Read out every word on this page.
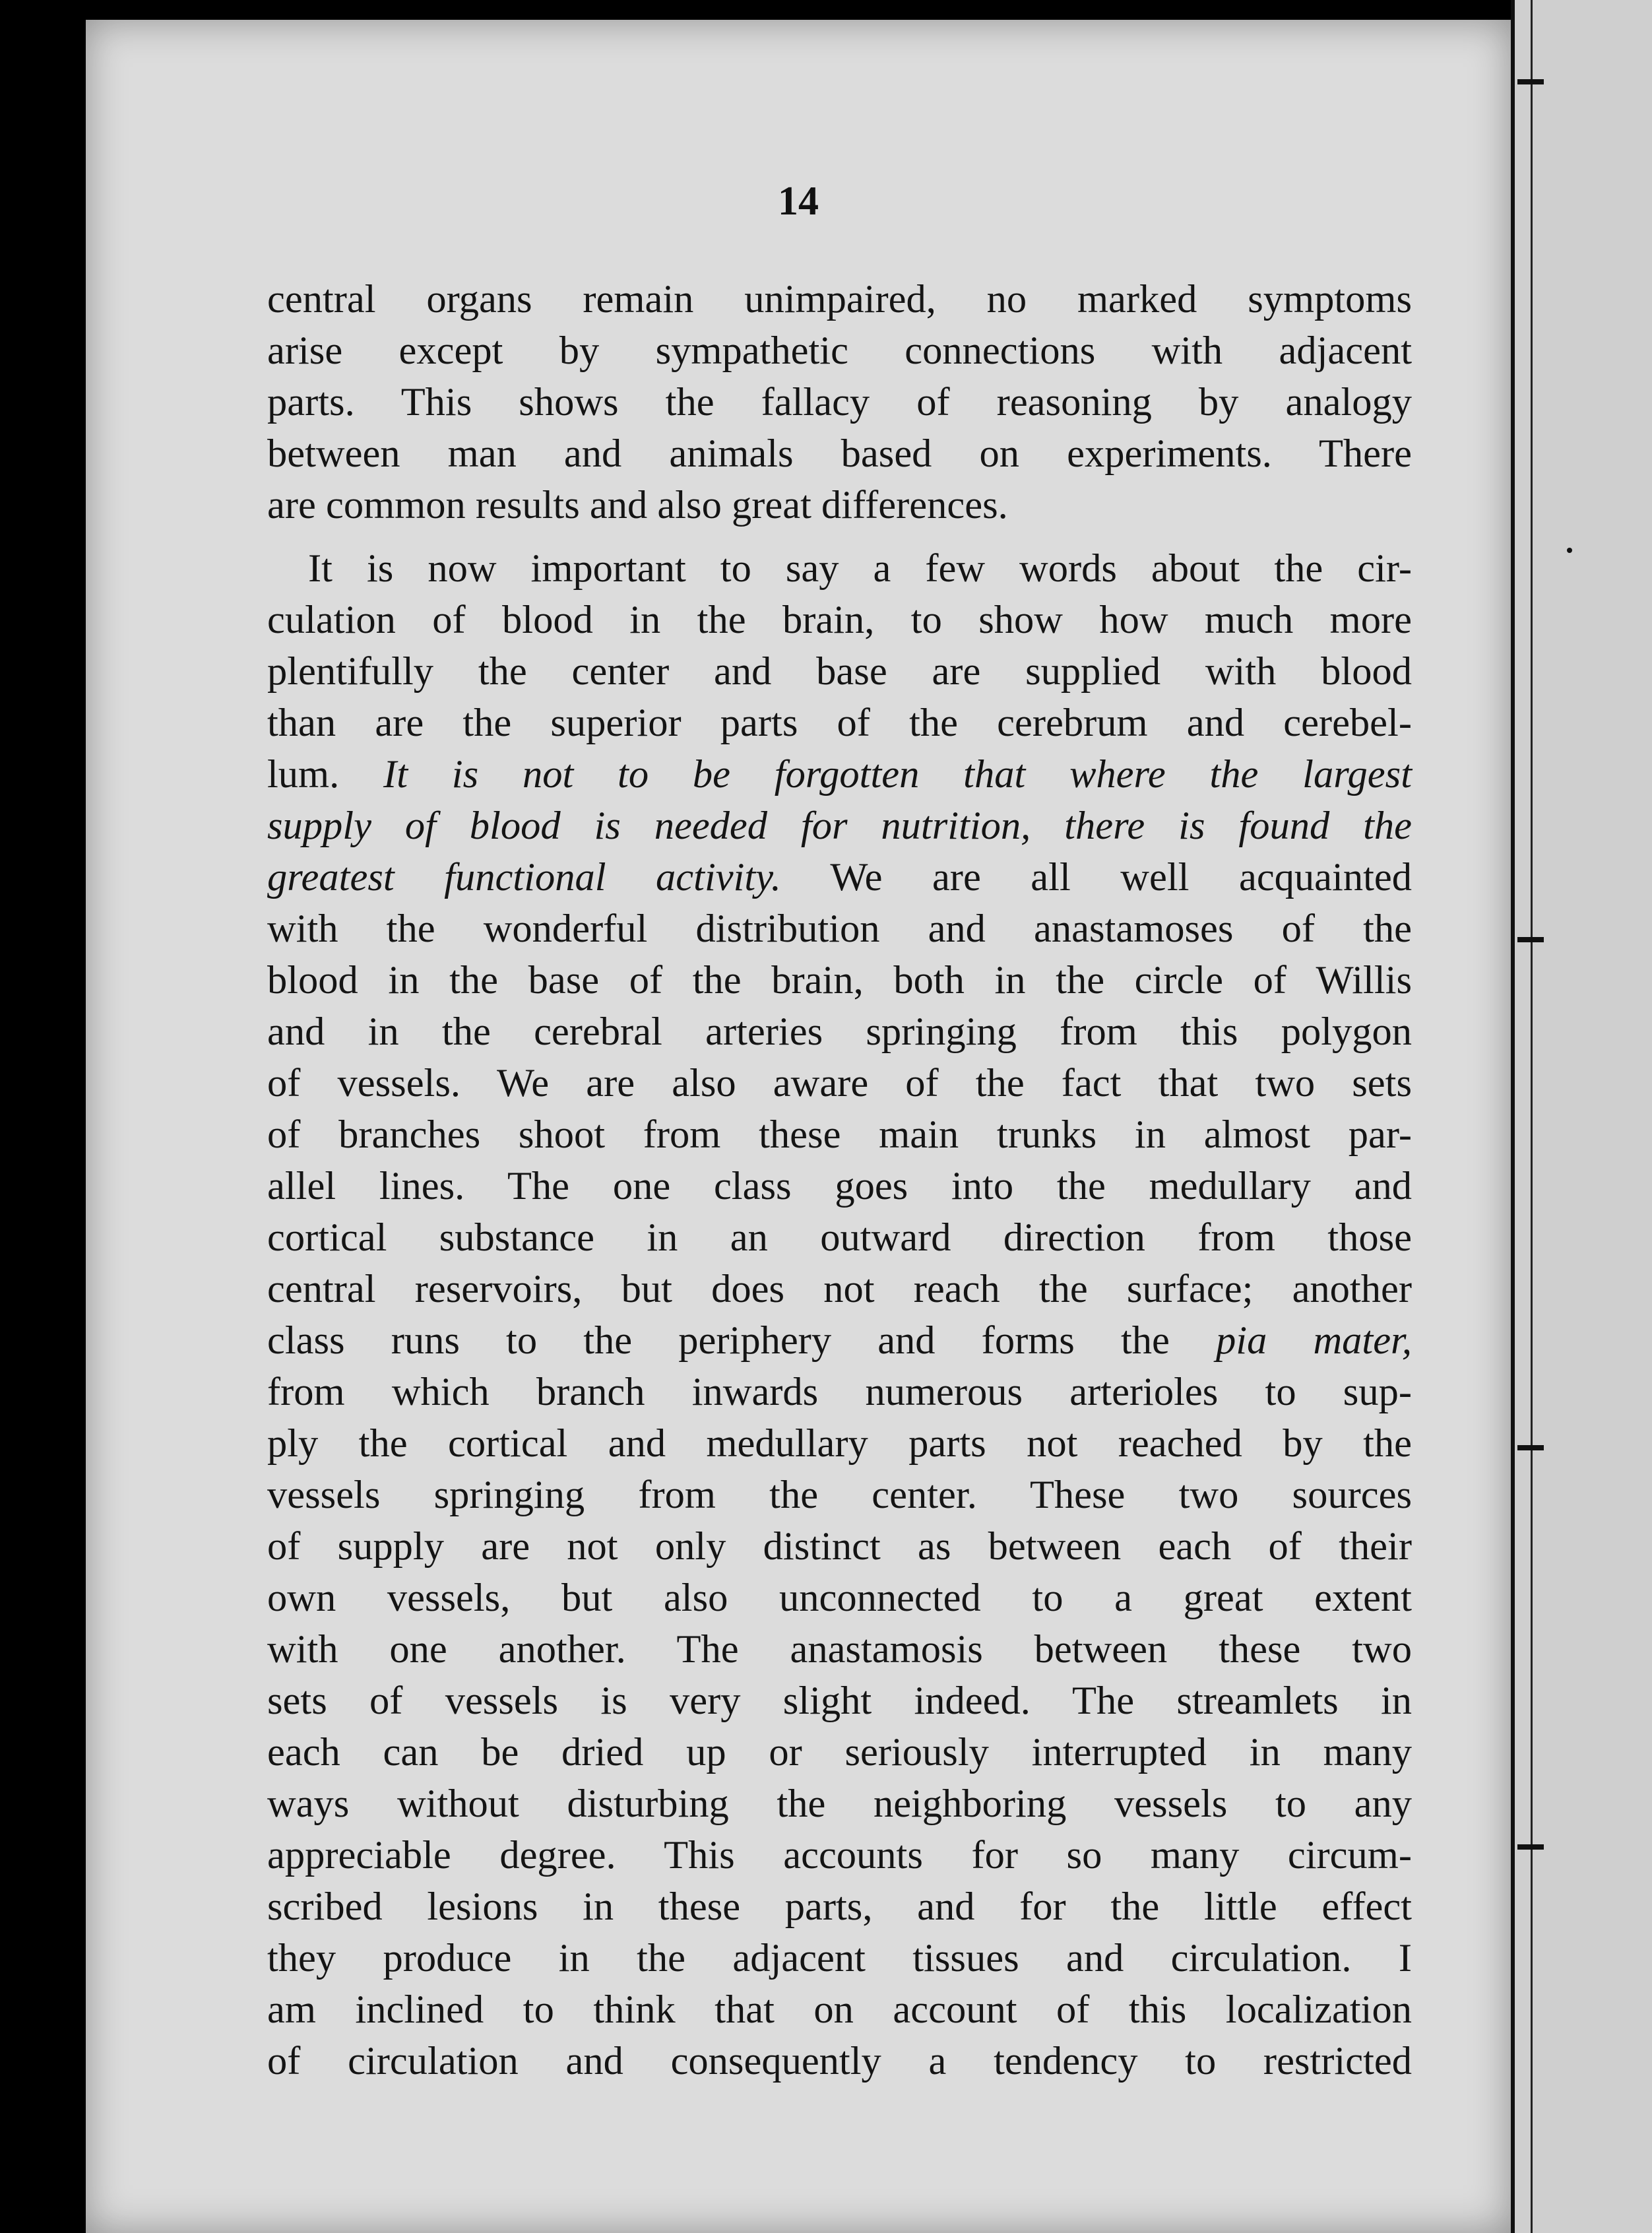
14
central organs remain unimpaired, no marked symptoms
arise except by sympathetic connections with adjacent
parts. This shows the fallacy of reasoning by analogy
between man and animals based on experiments. There
are common results and also great differences.
It is now important to say a few words about the cir-
culation of blood in the brain, to show how much more
plentifully the center and base are supplied with blood
than are the superior parts of the cerebrum and cerebel-
lum. It is not to be forgotten that where the largest
supply of blood is needed for nutrition, there is found the
greatest functional activity. We are all well acquainted
with the wonderful distribution and anastamoses of the
blood in the base of the brain, both in the circle of Willis
and in the cerebral arteries springing from this polygon
of vessels. We are also aware of the fact that two sets
of branches shoot from these main trunks in almost par-
allel lines. The one class goes into the medullary and
cortical substance in an outward direction from those
central reservoirs, but does not reach the surface; another
class runs to the periphery and forms the pia mater,
from which branch inwards numerous arterioles to sup-
ply the cortical and medullary parts not reached by the
vessels springing from the center. These two sources
of supply are not only distinct as between each of their
own vessels, but also unconnected to a great extent
with one another. The anastamosis between these two
sets of vessels is very slight indeed. The streamlets in
each can be dried up or seriously interrupted in many
ways without disturbing the neighboring vessels to any
appreciable degree. This accounts for so many circum-
scribed lesions in these parts, and for the little effect
they produce in the adjacent tissues and circulation. I
am inclined to think that on account of this localization
of circulation and consequently a tendency to restricted
